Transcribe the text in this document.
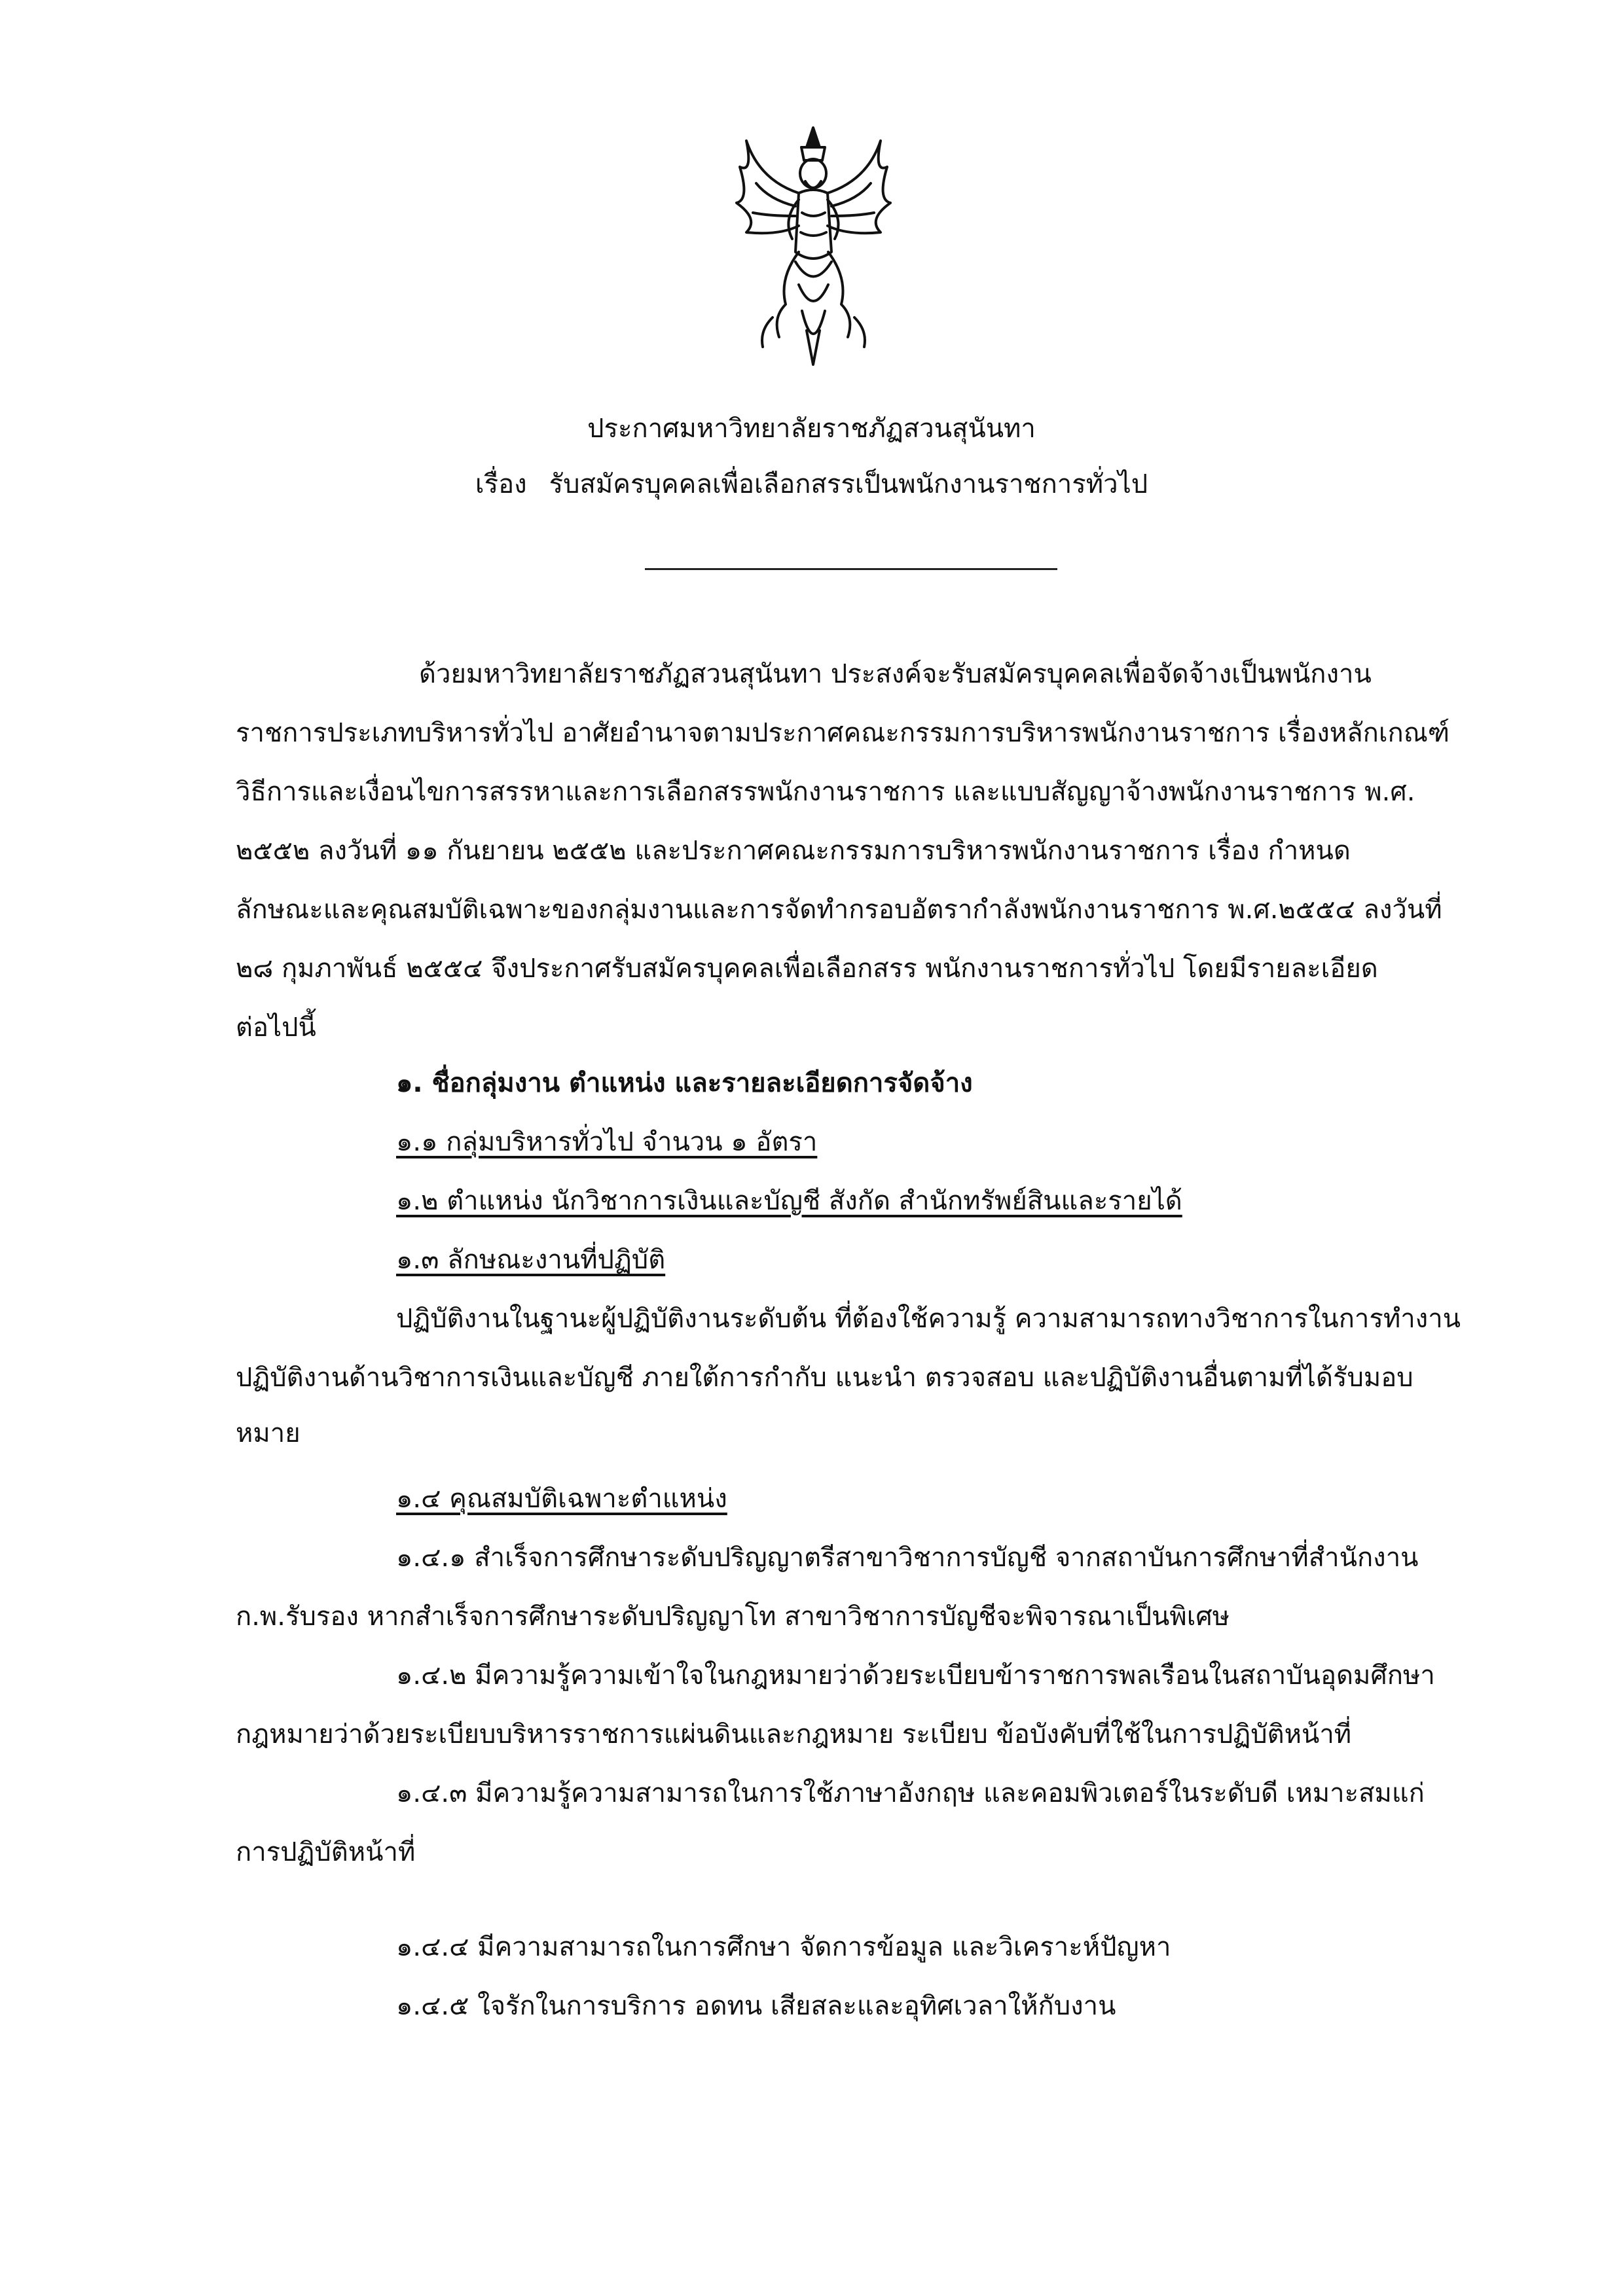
ประกาศมหาวิทยาลัยราชภัฏสวนสุนันทา
เรื่อง รับสมัครบุคคลเพื่อเลือกสรรเป็นพนักงานราชการทั่วไป
ด้วยมหาวิทยาลัยราชภัฏสวนสุนันทา ประสงค์จะรับสมัครบุคคลเพื่อจัดจ้างเป็นพนักงาน
ราชการประเภทบริหารทั่วไป อาศัยอำนาจตามประกาศคณะกรรมการบริหารพนักงานราชการ เรื่องหลักเกณฑ์
วิธีการและเงื่อนไขการสรรหาและการเลือกสรรพนักงานราชการ และแบบสัญญาจ้างพนักงานราชการ พ.ศ.
๒๕๕๒ ลงวันที่ ๑๑ กันยายน ๒๕๕๒ และประกาศคณะกรรมการบริหารพนักงานราชการ เรื่อง กำหนด
ลักษณะและคุณสมบัติเฉพาะของกลุ่มงานและการจัดทำกรอบอัตรากำลังพนักงานราชการ พ.ศ.๒๕๕๔ ลงวันที่
๒๘ กุมภาพันธ์ ๒๕๕๔ จึงประกาศรับสมัครบุคคลเพื่อเลือกสรร พนักงานราชการทั่วไป โดยมีรายละเอียด
ต่อไปนี้
๑. ชื่อกลุ่มงาน ตำแหน่ง และรายละเอียดการจัดจ้าง
๑.๑ กลุ่มบริหารทั่วไป จำนวน ๑ อัตรา
๑.๒ ตำแหน่ง นักวิชาการเงินและบัญชี สังกัด สำนักทรัพย์สินและรายได้
๑.๓ ลักษณะงานที่ปฏิบัติ
ปฏิบัติงานในฐานะผู้ปฏิบัติงานระดับต้น ที่ต้องใช้ความรู้ ความสามารถทางวิชาการในการทำงาน
ปฏิบัติงานด้านวิชาการเงินและบัญชี ภายใต้การกำกับ แนะนำ ตรวจสอบ และปฏิบัติงานอื่นตามที่ได้รับมอบ
หมาย
๑.๔ คุณสมบัติเฉพาะตำแหน่ง
๑.๔.๑ สำเร็จการศึกษาระดับปริญญาตรีสาขาวิชาการบัญชี จากสถาบันการศึกษาที่สำนักงาน
ก.พ.รับรอง หากสำเร็จการศึกษาระดับปริญญาโท สาขาวิชาการบัญชีจะพิจารณาเป็นพิเศษ
๑.๔.๒ มีความรู้ความเข้าใจในกฎหมายว่าด้วยระเบียบข้าราชการพลเรือนในสถาบันอุดมศึกษา
กฎหมายว่าด้วยระเบียบบริหารราชการแผ่นดินและกฎหมาย ระเบียบ ข้อบังคับที่ใช้ในการปฏิบัติหน้าที่
๑.๔.๓ มีความรู้ความสามารถในการใช้ภาษาอังกฤษ และคอมพิวเตอร์ในระดับดี เหมาะสมแก่
การปฏิบัติหน้าที่
๑.๔.๔ มีความสามารถในการศึกษา จัดการข้อมูล และวิเคราะห์ปัญหา
๑.๔.๕ ใจรักในการบริการ อดทน เสียสละและอุทิศเวลาให้กับงาน
